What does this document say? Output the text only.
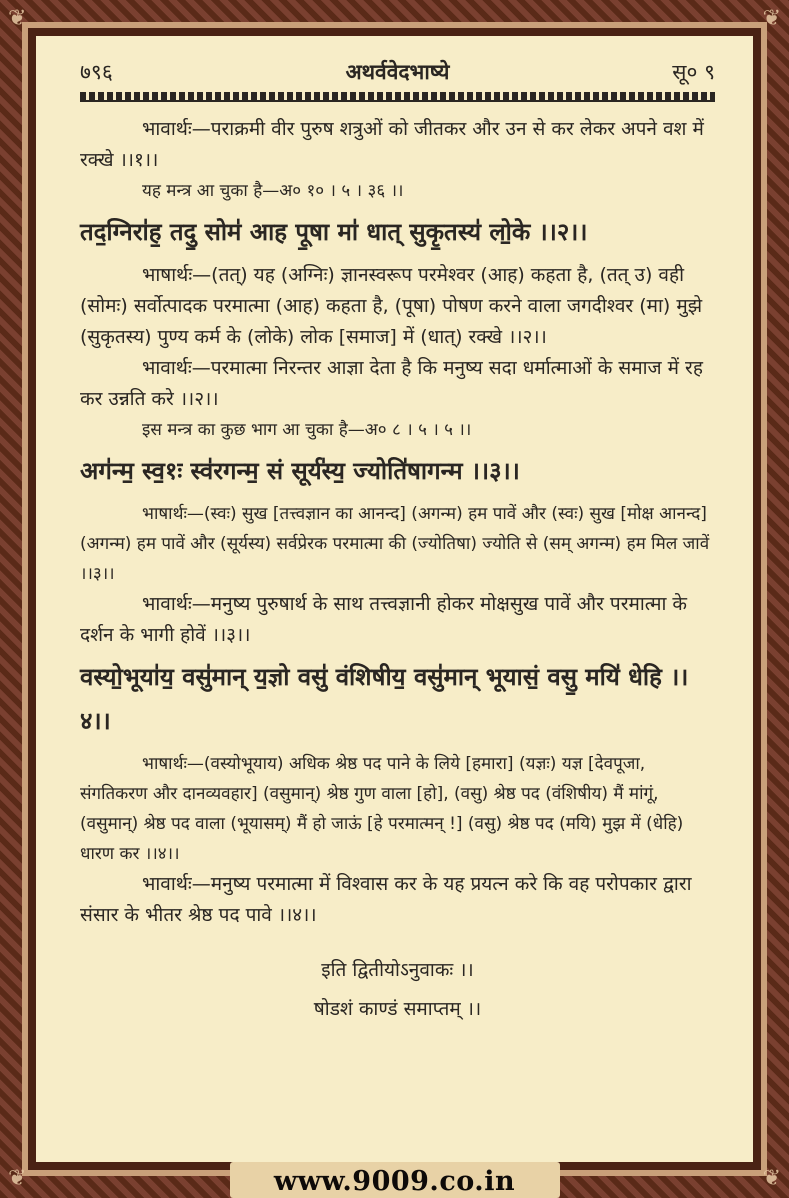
❦	❦
❦	❦
७९६	अथर्ववेदभाष्ये	सू० ९

भावार्थः—पराक्रमी वीर पुरुष शत्रुओं को जीतकर और उन से कर लेकर अपने वश में रक्खे ।।१।।

यह मन्त्र आ चुका है—अ० १० । ५ । ३६ ।।

तद॒ग्निरा॑ह॒ तदु॒ सोम॑ आह पू॒षा मा॑ धात् सुकृ॒तस्य॑ लो॒के ।।२।।

भाषार्थः—(तत्) यह (अग्निः) ज्ञानस्वरूप परमेश्वर (आह) कहता है, (तत् उ) वही (सोमः) सर्वोत्पादक परमात्मा (आह) कहता है, (पूषा) पोषण करने वाला जगदीश्वर (मा) मुझे (सुकृतस्य) पुण्य कर्म के (लोके) लोक [समाज] में (धात्) रक्खे ।।२।।

भावार्थः—परमात्मा निरन्तर आज्ञा देता है कि मनुष्य सदा धर्मात्माओं के समाज में रह कर उन्नति करे ।।२।।

इस मन्त्र का कुछ भाग आ चुका है—अ० ८ । ५ । ५ ।।

अग॑न्म॒ स्व॒१ः स्व॑रगन्म॒ सं सूर्य॑स्य॒ ज्योति॑षागन्म ।।३।।

भाषार्थः—(स्वः) सुख [तत्त्वज्ञान का आनन्द] (अगन्म) हम पावें और (स्वः) सुख [मोक्ष आनन्द] (अगन्म) हम पावें और (सूर्यस्य) सर्वप्रेरक परमात्मा की (ज्योतिषा) ज्योति से (सम् अगन्म) हम मिल जावें ।।३।।

भावार्थः—मनुष्य पुरुषार्थ के साथ तत्त्वज्ञानी होकर मोक्षसुख पावें और परमात्मा के दर्शन के भागी होवें ।।३।।

वस्यो॒भूया॑य॒ वसु॑मान् य॒ज्ञो वसु॑ वंशिषीय॒ वसु॑मान् भूयासं॒ वसु॒ मयि॑ धेहि ।।४।।

भाषार्थः—(वस्योभूयाय) अधिक श्रेष्ठ पद पाने के लिये [हमारा] (यज्ञः) यज्ञ [देवपूजा, संगतिकरण और दानव्यवहार] (वसुमान्) श्रेष्ठ गुण वाला [हो], (वसु) श्रेष्ठ पद (वंशिषीय) मैं मांगूं, (वसुमान्) श्रेष्ठ पद वाला (भूयासम्) मैं हो जाऊं [हे परमात्मन् !] (वसु) श्रेष्ठ पद (मयि) मुझ में (धेहि) धारण कर ।।४।।

भावार्थः—मनुष्य परमात्मा में विश्वास कर के यह प्रयत्न करे कि वह परोपकार द्वारा संसार के भीतर श्रेष्ठ पद पावे ।।४।।

इति द्वितीयोऽनुवाकः ।।

षोडशं काण्डं समाप्तम् ।।

www.9009.co.in
